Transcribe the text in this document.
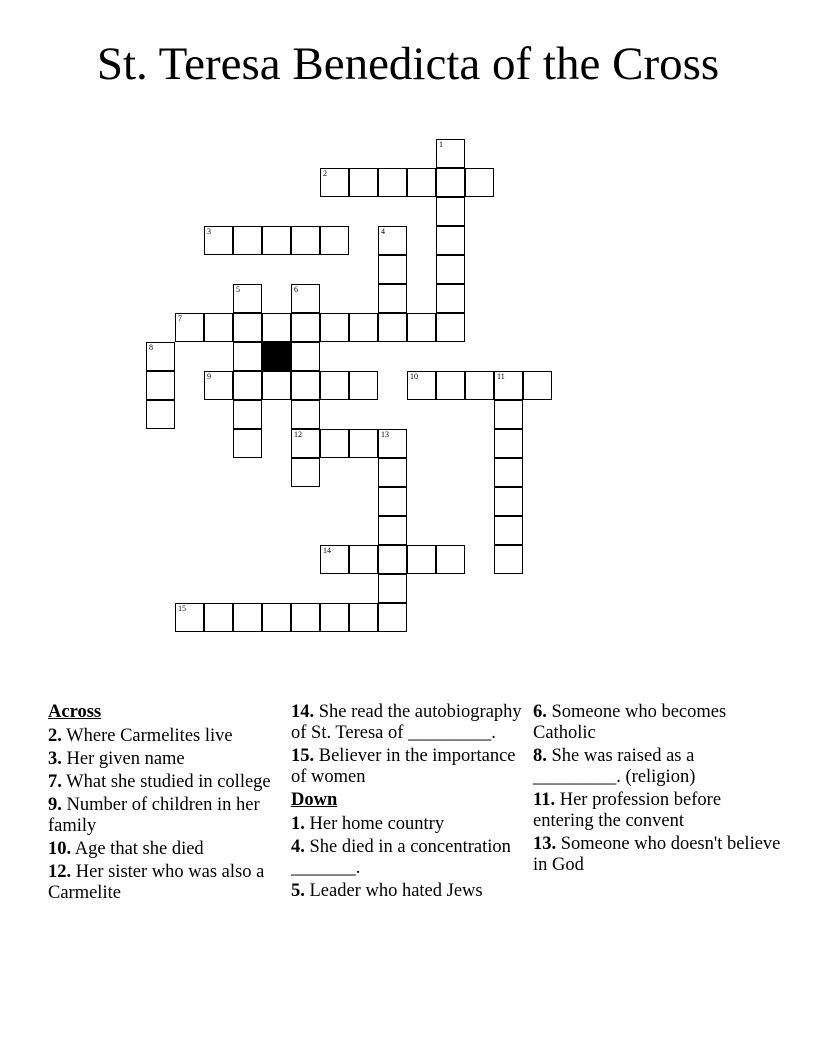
St. Teresa Benedicta of the Cross
1
2
3	4
5	6
12
7
8
9	10	11
13
14
15
Across
2. Where Carmelites live
3. Her given name
7. What she studied in college
9. Number of children in her family
10. Age that she died
12. Her sister who was also a Carmelite
14. She read the autobiography of St. Teresa of _________.
15. Believer in the importance of women
Down
1. Her home country
4. She died in a concentration _______.
5. Leader who hated Jews
6. Someone who becomes Catholic
8. She was raised as a _________. (religion)
11. Her profession before entering the convent
13. Someone who doesn't believe in God
